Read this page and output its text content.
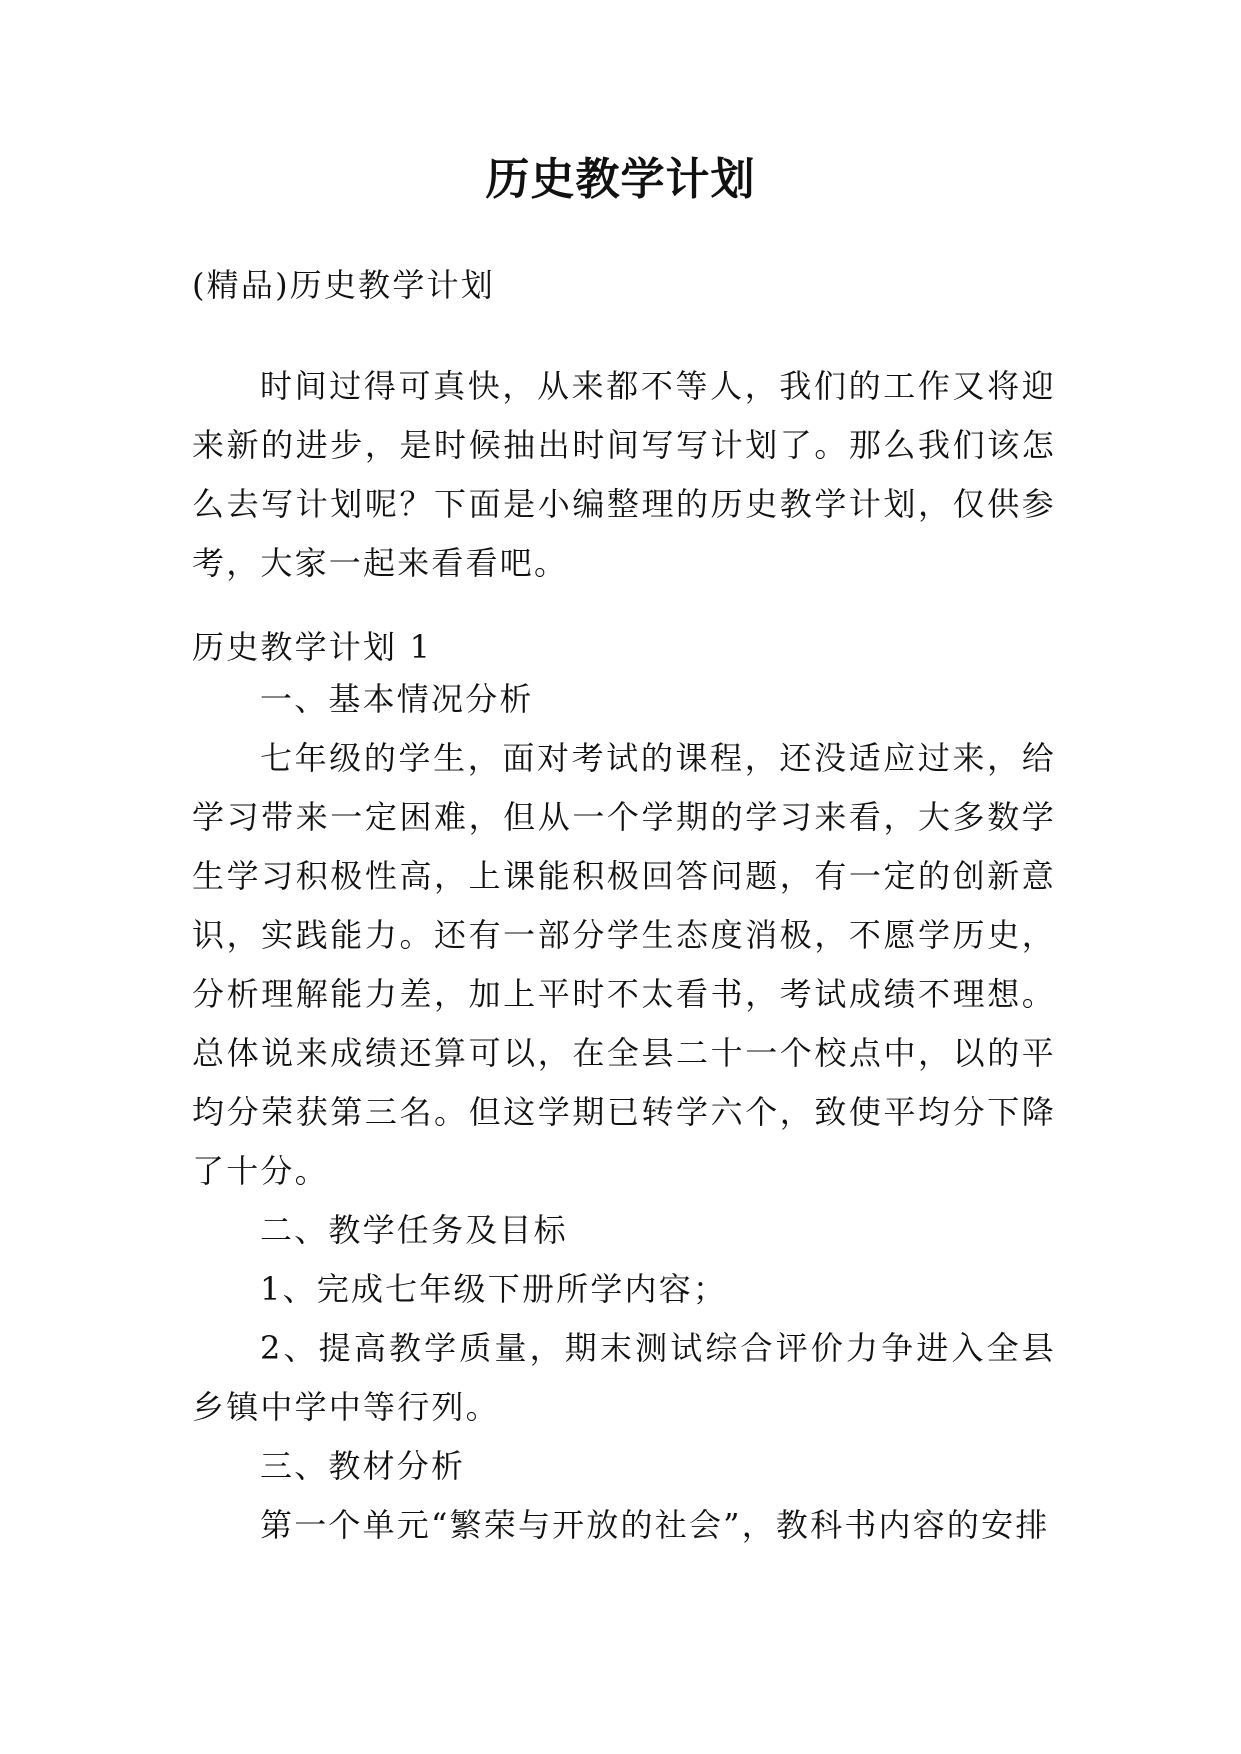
历史教学计划

(精品)历史教学计划

时间过得可真快，从来都不等人，我们的工作又将迎来新的进步，是时候抽出时间写写计划了。那么我们该怎么去写计划呢？下面是小编整理的历史教学计划，仅供参考，大家一起来看看吧。

历史教学计划 1

一、基本情况分析

七年级的学生，面对考试的课程，还没适应过来，给学习带来一定困难，但从一个学期的学习来看，大多数学生学习积极性高，上课能积极回答问题，有一定的创新意识，实践能力。还有一部分学生态度消极，不愿学历史，分析理解能力差，加上平时不太看书，考试成绩不理想。总体说来成绩还算可以，在全县二十一个校点中，以的平均分荣获第三名。但这学期已转学六个，致使平均分下降了十分。

二、教学任务及目标

1、完成七年级下册所学内容；

2、提高教学质量，期末测试综合评价力争进入全县乡镇中学中等行列。

三、教材分析

第一个单元“繁荣与开放的社会”，教科书内容的安排
